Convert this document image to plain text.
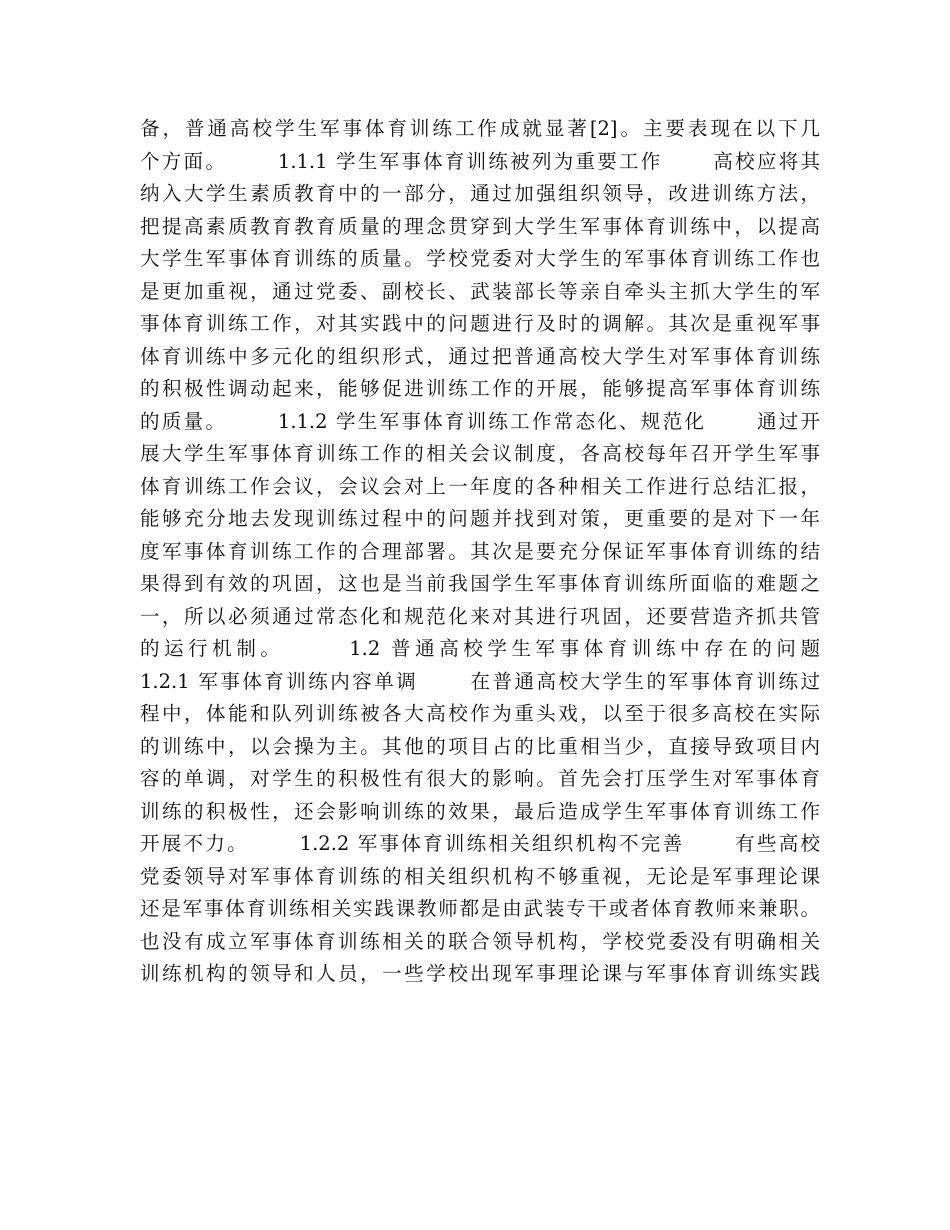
备，普通高校学生军事体育训练工作成就显著[2]。主要表现在以下几
个方面。      1.1.1 学生军事体育训练被列为重要工作      高校应将其
纳入大学生素质教育中的一部分，通过加强组织领导，改进训练方法，
把提高素质教育教育质量的理念贯穿到大学生军事体育训练中，以提高
大学生军事体育训练的质量。学校党委对大学生的军事体育训练工作也
是更加重视，通过党委、副校长、武装部长等亲自牵头主抓大学生的军
事体育训练工作，对其实践中的问题进行及时的调解。其次是重视军事
体育训练中多元化的组织形式，通过把普通高校大学生对军事体育训练
的积极性调动起来，能够促进训练工作的开展，能够提高军事体育训练
的质量。      1.1.2 学生军事体育训练工作常态化、规范化      通过开
展大学生军事体育训练工作的相关会议制度，各高校每年召开学生军事
体育训练工作会议，会议会对上一年度的各种相关工作进行总结汇报，
能够充分地去发现训练过程中的问题并找到对策，更重要的是对下一年
度军事体育训练工作的合理部署。其次是要充分保证军事体育训练的结
果得到有效的巩固，这也是当前我国学生军事体育训练所面临的难题之
一，所以必须通过常态化和规范化来对其进行巩固，还要营造齐抓共管
的运行机制。      1.2 普通高校学生军事体育训练中存在的问题
1.2.1 军事体育训练内容单调      在普通高校大学生的军事体育训练过
程中，体能和队列训练被各大高校作为重头戏，以至于很多高校在实际
的训练中，以会操为主。其他的项目占的比重相当少，直接导致项目内
容的单调，对学生的积极性有很大的影响。首先会打压学生对军事体育
训练的积极性，还会影响训练的效果，最后造成学生军事体育训练工作
开展不力。      1.2.2 军事体育训练相关组织机构不完善      有些高校
党委领导对军事体育训练的相关组织机构不够重视，无论是军事理论课
还是军事体育训练相关实践课教师都是由武装专干或者体育教师来兼职。
也没有成立军事体育训练相关的联合领导机构，学校党委没有明确相关
训练机构的领导和人员，一些学校出现军事理论课与军事体育训练实践
